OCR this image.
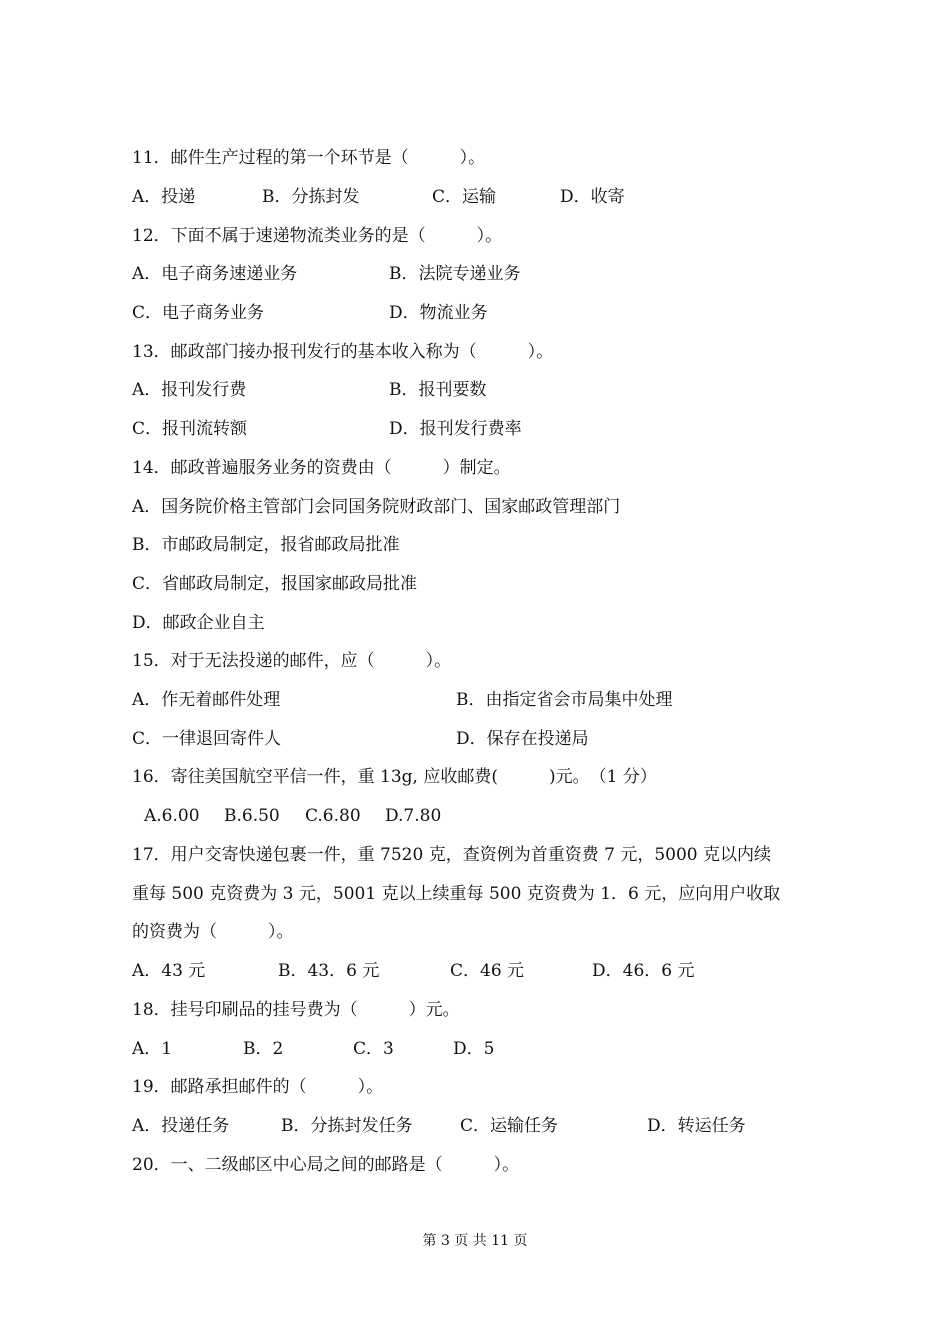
11．邮件生产过程的第一个环节是（　　　）。
A．投递	B．分拣封发	C．运输	D．收寄
12．下面不属于速递物流类业务的是（　　　）。
A．电子商务速递业务	B．法院专递业务
C．电子商务业务	D．物流业务
13．邮政部门接办报刊发行的基本收入称为（　　　）。
A．报刊发行费	B．报刊要数
C．报刊流转额	D．报刊发行费率
14．邮政普遍服务业务的资费由（　　　）制定。
A．国务院价格主管部门会同国务院财政部门、国家邮政管理部门
B．市邮政局制定，报省邮政局批准
C．省邮政局制定，报国家邮政局批准
D．邮政企业自主
15．对于无法投递的邮件，应（　　　）。
A．作无着邮件处理	B．由指定省会市局集中处理
C．一律退回寄件人	D．保存在投递局
16．寄往美国航空平信一件，重 13g, 应收邮费(　　　)元。　（1 分）
A.6.00 B.6.50 C.6.80 D.7.80
17．用户交寄快递包裹一件，重 7520 克，查资例为首重资费 7 元，5000 克以内续
重每 500 克资费为 3 元，5001 克以上续重每 500 克资费为 1．6 元，应向用户收取
的资费为（　　　）。
A．43 元	B．43．6 元	C．46 元	D．46．6 元
18．挂号印刷品的挂号费为（　　　）元。
A．1	B．2	C．3	D．5
19．邮路承担邮件的（　　　）。
A．投递任务	B．分拣封发任务	C．运输任务	D．转运任务
20．一、二级邮区中心局之间的邮路是（　　　）。
第 3 页 共 11 页
